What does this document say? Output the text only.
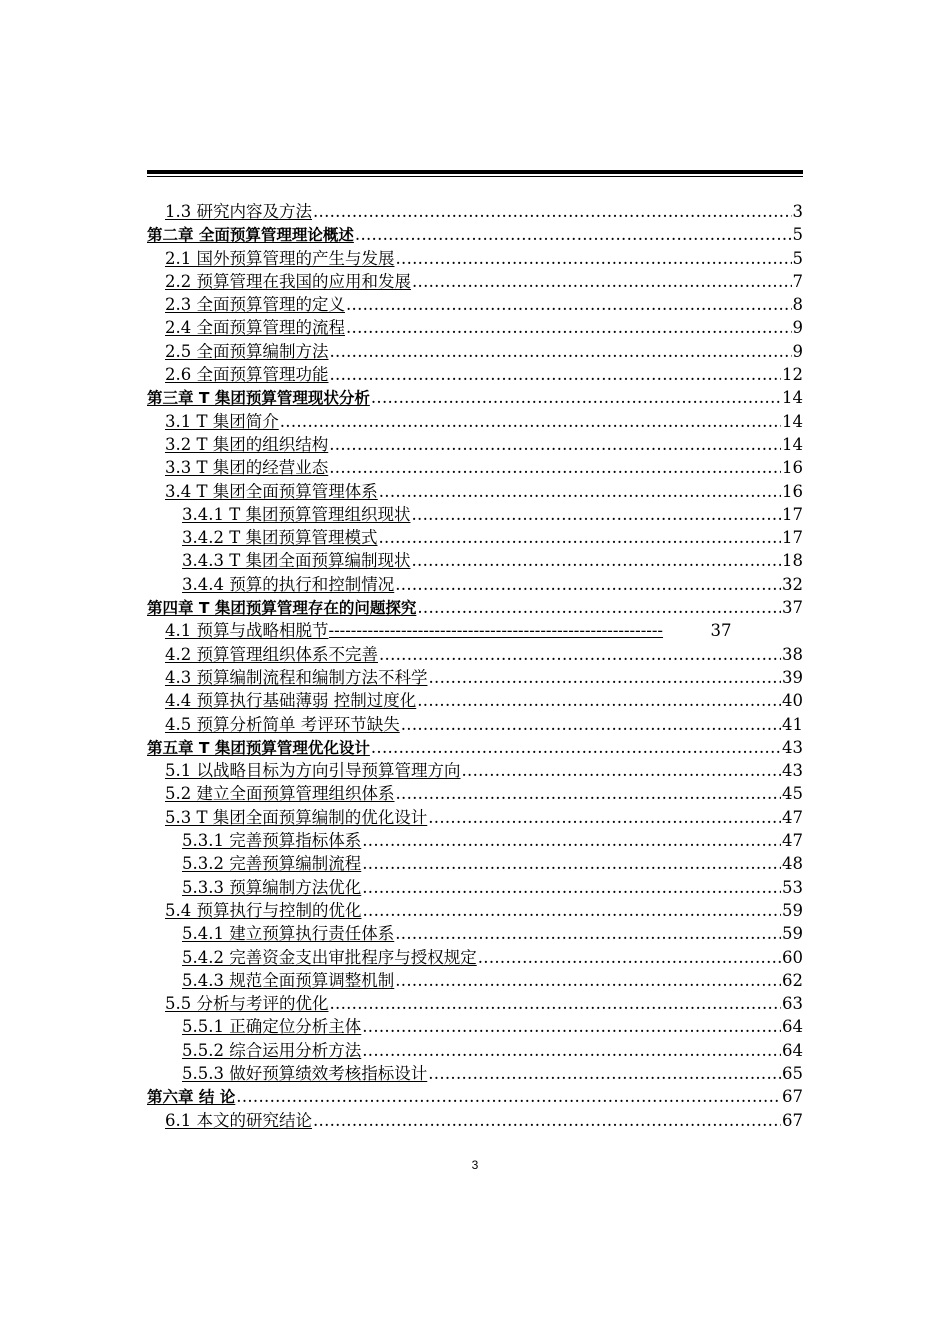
1.3 研究内容及方法 .....	3
第二章 全面预算管理理论概述 .....	5
2.1 国外预算管理的产生与发展 .....	5
2.2 预算管理在我国的应用和发展 .....	7
2.3 全面预算管理的定义 .....	8
2.4 全面预算管理的流程 .....	9
2.5 全面预算编制方法 .....	9
2.6 全面预算管理功能 .....	12
第三章 T 集团预算管理现状分析 .....	14
3.1 T 集团简介 .....	14
3.2 T 集团的组织结构 .....	14
3.3 T 集团的经营业态 .....	16
3.4 T 集团全面预算管理体系 .....	16
3.4.1 T 集团预算管理组织现状 .....	17
3.4.2 T 集团预算管理模式 .....	17
3.4.3 T 集团全面预算编制现状 .....	18
3.4.4 预算的执行和控制情况 .....	32
第四章 T 集团预算管理存在的问题探究 .....	37
4.1 预算与战略相脱节 ------------------------------------------------------------	37
4.2 预算管理组织体系不完善 .....	38
4.3 预算编制流程和编制方法不科学 .....	39
4.4 预算执行基础薄弱 控制过度化 .....	40
4.5 预算分析简单 考评环节缺失 .....	41
第五章 T 集团预算管理优化设计 .....	43
5.1 以战略目标为方向引导预算管理方向 .....	43
5.2 建立全面预算管理组织体系 .....	45
5.3 T 集团全面预算编制的优化设计 .....	47
5.3.1 完善预算指标体系 .....	47
5.3.2 完善预算编制流程 .....	48
5.3.3 预算编制方法优化 .....	53
5.4 预算执行与控制的优化 .....	59
5.4.1 建立预算执行责任体系 .....	59
5.4.2 完善资金支出审批程序与授权规定 .....	60
5.4.3 规范全面预算调整机制 .....	62
5.5 分析与考评的优化 .....	63
5.5.1 正确定位分析主体 .....	64
5.5.2 综合运用分析方法 .....	64
5.5.3 做好预算绩效考核指标设计 .....	65
第六章 结 论 .....	67
6.1 本文的研究结论 .....	67
3
